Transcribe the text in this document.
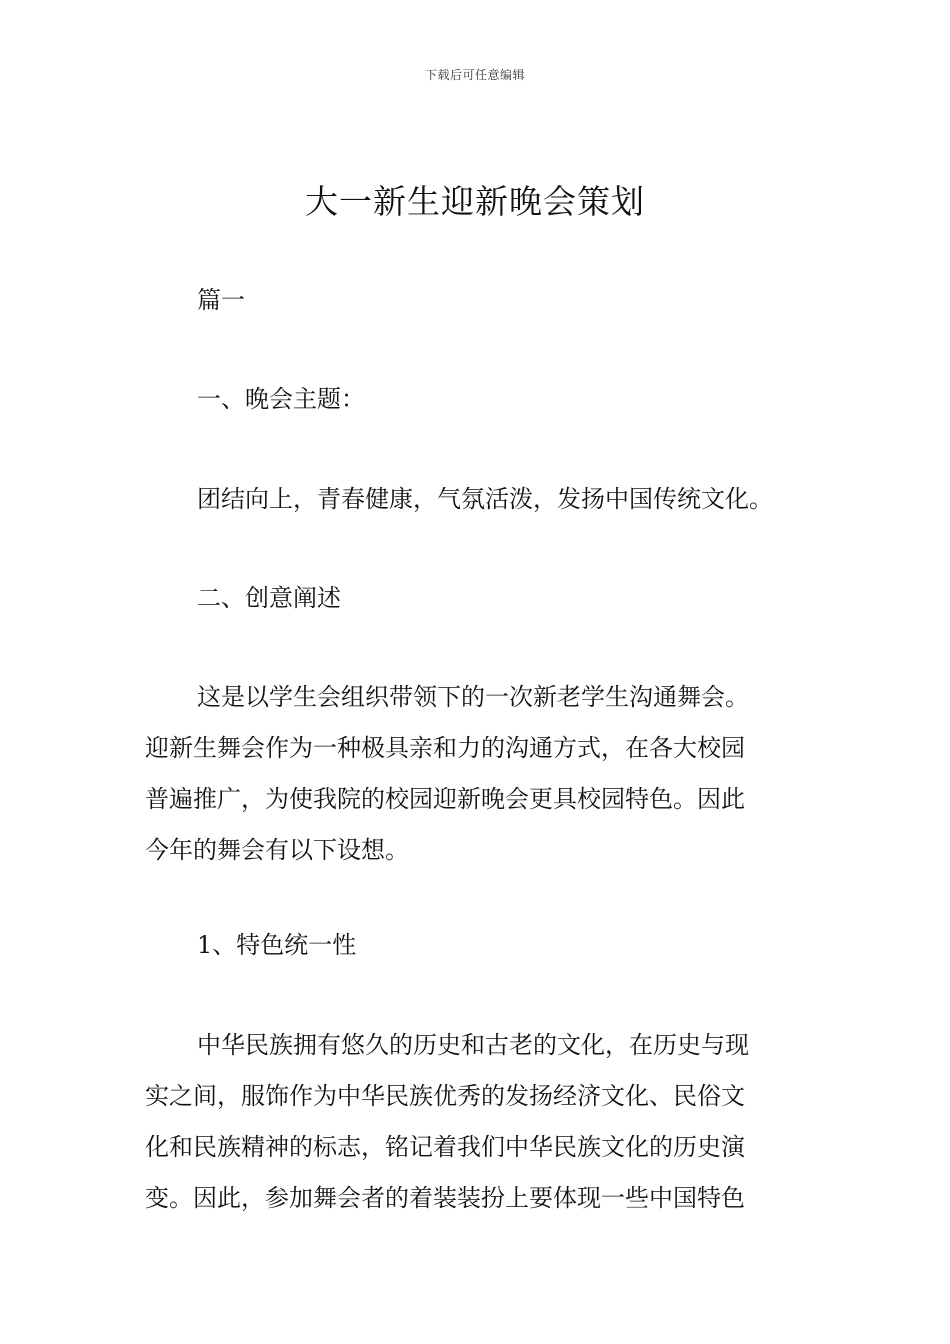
下载后可任意编辑
大一新生迎新晚会策划

篇一

一、晚会主题：

团结向上，青春健康，气氛活泼，发扬中国传统文化。

二、创意阐述

这是以学生会组织带领下的一次新老学生沟通舞会。
迎新生舞会作为一种极具亲和力的沟通方式，在各大校园
普遍推广，为使我院的校园迎新晚会更具校园特色。因此
今年的舞会有以下设想。

1、特色统一性

中华民族拥有悠久的历史和古老的文化，在历史与现
实之间，服饰作为中华民族优秀的发扬经济文化、民俗文
化和民族精神的标志，铭记着我们中华民族文化的历史演
变。因此，参加舞会者的着装装扮上要体现一些中国特色
